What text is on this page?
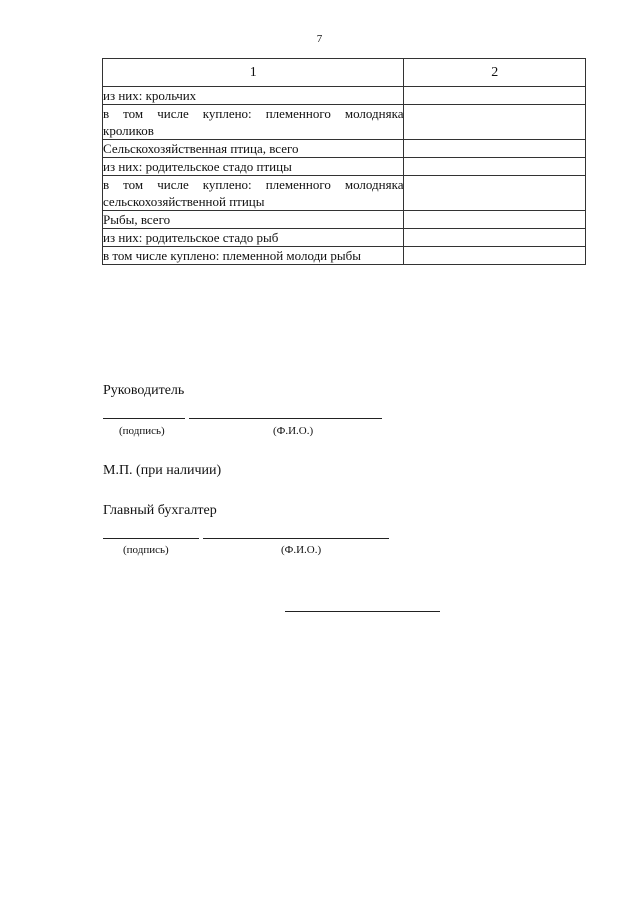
7
1	2
из них: крольчих	
в том числе куплено: племенного молодняка кроликов	
Сельскохозяйственная птица, всего	
из них: родительское стадо птицы	
в том числе куплено: племенного молодняка сельскохозяйственной птицы	
Рыбы, всего	
из них: родительское стадо рыб	
в том числе куплено: племенной молоди рыбы	
Руководитель
(подпись)	(Ф.И.О.)
М.П. (при наличии)
Главный бухгалтер
(подпись)	(Ф.И.О.)
